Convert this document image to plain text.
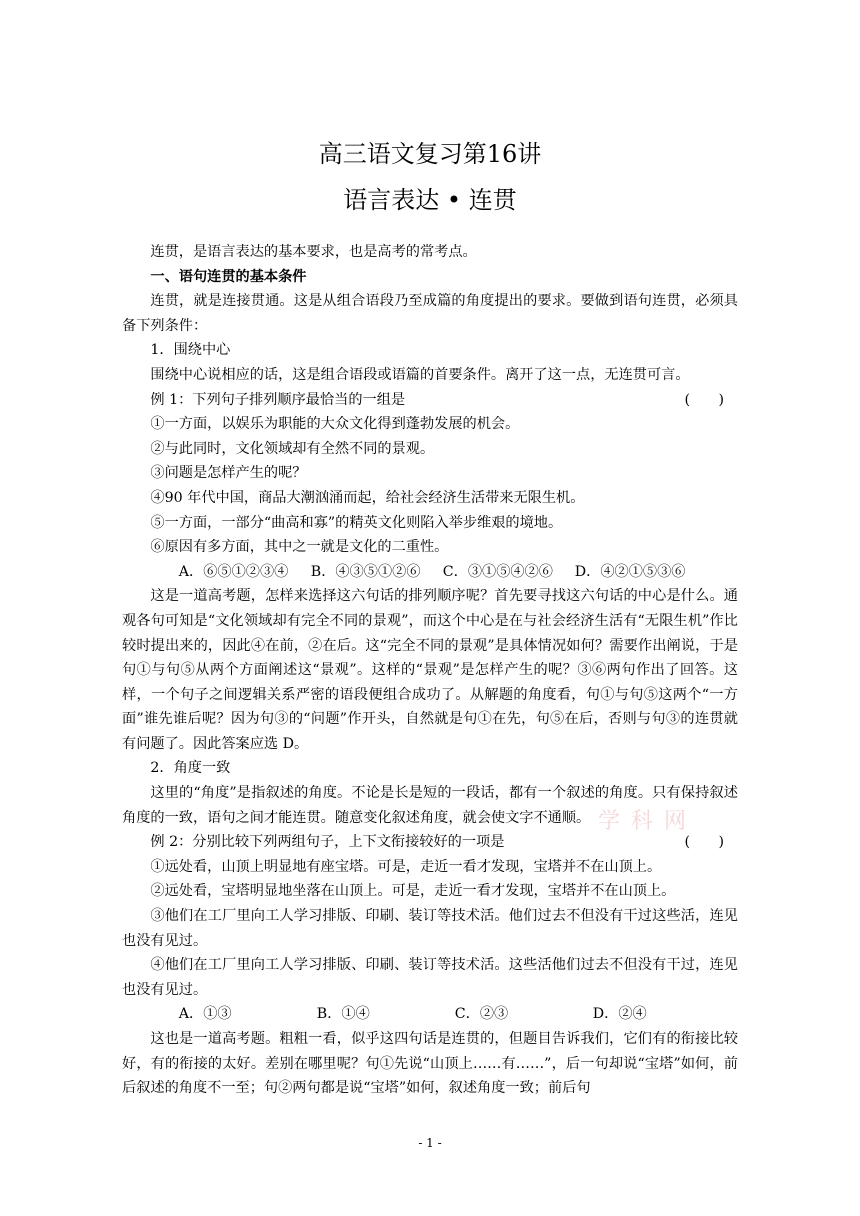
高三语文复习第16讲
语言表达 • 连贯
学 科 网

连贯，是语言表达的基本要求，也是高考的常考点。

一、语句连贯的基本条件

连贯，就是连接贯通。这是从组合语段乃至成篇的角度提出的要求。要做到语句连贯，必须具备下列条件：

1．围绕中心

围绕中心说相应的话，这是组合语段或语篇的首要条件。离开了这一点，无连贯可言。

例 1：下列句子排列顺序最恰当的一组是	(　　)

①一方面，以娱乐为职能的大众文化得到蓬勃发展的机会。

②与此同时，文化领域却有全然不同的景观。

③问题是怎样产生的呢？

④90 年代中国，商品大潮汹涌而起，给社会经济生活带来无限生机。

⑤一方面，一部分“曲高和寡”的精英文化则陷入举步维艰的境地。

⑥原因有多方面，其中之一就是文化的二重性。

A．⑥⑤①②③④ B．④③⑤①②⑥ C．③①⑤④②⑥ D．④②①⑤③⑥

这是一道高考题，怎样来选择这六句话的排列顺序呢？首先要寻找这六句话的中心是什么。通观各句可知是“文化领域却有完全不同的景观”，而这个中心是在与社会经济生活有“无限生机”作比较时提出来的，因此④在前，②在后。这“完全不同的景观”是具体情况如何？需要作出阐说，于是句①与句⑤从两个方面阐述这“景观”。这样的“景观”是怎样产生的呢？③⑥两句作出了回答。这样，一个句子之间逻辑关系严密的语段便组合成功了。从解题的角度看，句①与句⑤这两个“一方面”谁先谁后呢？因为句③的“问题”作开头，自然就是句①在先，句⑤在后，否则与句③的连贯就有问题了。因此答案应选 D。

2．角度一致

这里的“角度”是指叙述的角度。不论是长是短的一段话，都有一个叙述的角度。只有保持叙述角度的一致，语句之间才能连贯。随意变化叙述角度，就会使文字不通顺。

例 2：分别比较下列两组句子，上下文衔接较好的一项是	(　　)

①远处看，山顶上明显地有座宝塔。可是，走近一看才发现，宝塔并不在山顶上。

②远处看，宝塔明显地坐落在山顶上。可是，走近一看才发现，宝塔并不在山顶上。

③他们在工厂里向工人学习排版、印刷、装订等技术活。他们过去不但没有干过这些活，连见也没有见过。

④他们在工厂里向工人学习排版、印刷、装订等技术活。这些活他们过去不但没有干过，连见也没有见过。

A．①③	B．①④	C．②③	D．②④

这也是一道高考题。粗粗一看，似乎这四句话是连贯的，但题目告诉我们，它们有的衔接比较好，有的衔接的太好。差别在哪里呢？句①先说“山顶上……有……”，后一句却说“宝塔”如何，前后叙述的角度不一至；句②两句都是说“宝塔”如何，叙述角度一致；前后句

- 1 -
